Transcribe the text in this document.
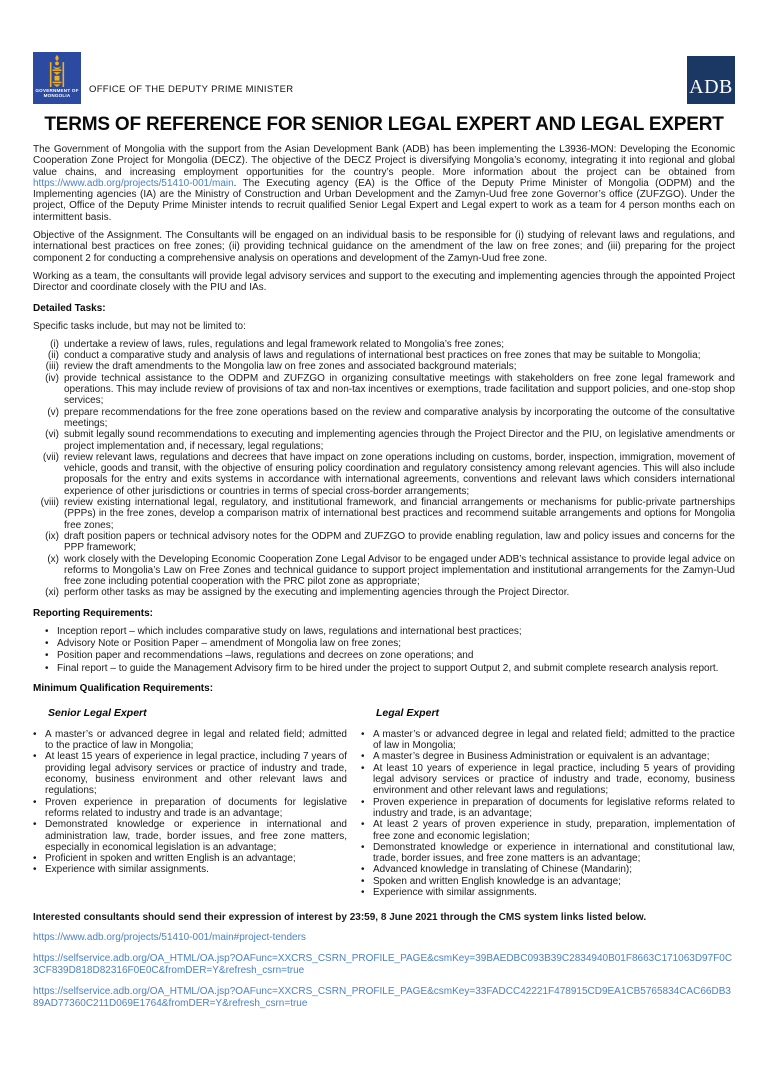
GOVERNMENT OF
MONGOLIA
OFFICE OF THE DEPUTY PRIME MINISTER	ADB
TERMS OF REFERENCE FOR SENIOR LEGAL EXPERT AND LEGAL EXPERT

The Government of Mongolia with the support from the Asian Development Bank (ADB) has been implementing the L3936-MON: Developing the Economic Cooperation Zone Project for Mongolia (DECZ). The objective of the DECZ Project is diversifying Mongolia’s economy, integrating it into regional and global value chains, and increasing employment opportunities for the country’s people. More information about the project can be obtained from https://www.adb.org/projects/51410-001/main. The Executing agency (EA) is the Office of the Deputy Prime Minister of Mongolia (ODPM) and the Implementing agencies (IA) are the Ministry of Construction and Urban Development and the Zamyn-Uud free zone Governor’s office (ZUFZGO). Under the project, Office of the Deputy Prime Minister intends to recruit qualified Senior Legal Expert and Legal expert to work as a team for 4 person months each on intermittent basis.

Objective of the Assignment. The Consultants will be engaged on an individual basis to be responsible for (i) studying of relevant laws and regulations, and international best practices on free zones; (ii) providing technical guidance on the amendment of the law on free zones; and (iii) preparing for the project component 2 for conducting a comprehensive analysis on operations and development of the Zamyn-Uud free zone.

Working as a team, the consultants will provide legal advisory services and support to the executing and implementing agencies through the appointed Project Director and coordinate closely with the PIU and IAs.

Detailed Tasks:

Specific tasks include, but may not be limited to:

(i) undertake a review of laws, rules, regulations and legal framework related to Mongolia’s free zones;
(ii) conduct a comparative study and analysis of laws and regulations of international best practices on free zones that may be suitable to Mongolia;
(iii) review the draft amendments to the Mongolia law on free zones and associated background materials;
(iv) provide technical assistance to the ODPM and ZUFZGO in organizing consultative meetings with stakeholders on free zone legal framework and operations. This may include review of provisions of tax and non-tax incentives or exemptions, trade facilitation and support policies, and one-stop shop services;
(v) prepare recommendations for the free zone operations based on the review and comparative analysis by incorporating the outcome of the consultative meetings;
(vi) submit legally sound recommendations to executing and implementing agencies through the Project Director and the PIU, on legislative amendments or project implementation and, if necessary, legal regulations;
(vii) review relevant laws, regulations and decrees that have impact on zone operations including on customs, border, inspection, immigration, movement of vehicle, goods and transit, with the objective of ensuring policy coordination and regulatory consistency among relevant agencies. This will also include proposals for the entry and exits systems in accordance with international agreements, conventions and relevant laws which considers international experience of other jurisdictions or countries in terms of special cross-border arrangements;
(viii) review existing international legal, regulatory, and institutional framework, and financial arrangements or mechanisms for public-private partnerships (PPPs) in the free zones, develop a comparison matrix of international best practices and recommend suitable arrangements and options for Mongolia free zones;
(ix) draft position papers or technical advisory notes for the ODPM and ZUFZGO to provide enabling regulation, law and policy issues and concerns for the PPP framework;
(x) work closely with the Developing Economic Cooperation Zone Legal Advisor to be engaged under ADB’s technical assistance to provide legal advice on reforms to Mongolia’s Law on Free Zones and technical guidance to support project implementation and institutional arrangements for the Zamyn-Uud free zone including potential cooperation with the PRC pilot zone as appropriate;
(xi) perform other tasks as may be assigned by the executing and implementing agencies through the Project Director.
Reporting Requirements:
• Inception report – which includes comparative study on laws, regulations and international best practices;
• Advisory Note or Position Paper – amendment of Mongolia law on free zones;
• Position paper and recommendations –laws, regulations and decrees on zone operations; and
• Final report – to guide the Management Advisory firm to be hired under the project to support Output 2, and submit complete research analysis report.
Minimum Qualification Requirements:
Senior Legal Expert
• A master’s or advanced degree in legal and related field; admitted to the practice of law in Mongolia;
• At least 15 years of experience in legal practice, including 7 years of providing legal advisory services or practice of industry and trade, economy, business environment and other relevant laws and regulations;
• Proven experience in preparation of documents for legislative reforms related to industry and trade is an advantage;
• Demonstrated knowledge or experience in international and administration law, trade, border issues, and free zone matters, especially in economical legislation is an advantage;
• Proficient in spoken and written English is an advantage;
• Experience with similar assignments.
Legal Expert
• A master’s or advanced degree in legal and related field; admitted to the practice of law in Mongolia;
• A master’s degree in Business Administration or equivalent is an advantage;
• At least 10 years of experience in legal practice, including 5 years of providing legal advisory services or practice of industry and trade, economy, business environment and other relevant laws and regulations;
• Proven experience in preparation of documents for legislative reforms related to industry and trade, is an advantage;
• At least 2 years of proven experience in study, preparation, implementation of free zone and economic legislation;
• Demonstrated knowledge or experience in international and constitutional law, trade, border issues, and free zone matters is an advantage;
• Advanced knowledge in translating of Chinese (Mandarin);
• Spoken and written English knowledge is an advantage;
• Experience with similar assignments.

Interested consultants should send their expression of interest by 23:59, 8 June 2021 through the CMS system links listed below.

https://www.adb.org/projects/51410-001/main#project-tenders

https://selfservice.adb.org/OA_HTML/OA.jsp?OAFunc=XXCRS_CSRN_PROFILE_PAGE&csmKey=39BAEDBC093B39C2834940B01F8663C171063D97F0C3CF839D818D82316F0E0C&fromDER=Y&refresh_csrn=true

https://selfservice.adb.org/OA_HTML/OA.jsp?OAFunc=XXCRS_CSRN_PROFILE_PAGE&csmKey=33FADCC42221F478915CD9EA1CB5765834CAC66DB389AD77360C211D069E1764&fromDER=Y&refresh_csrn=true
